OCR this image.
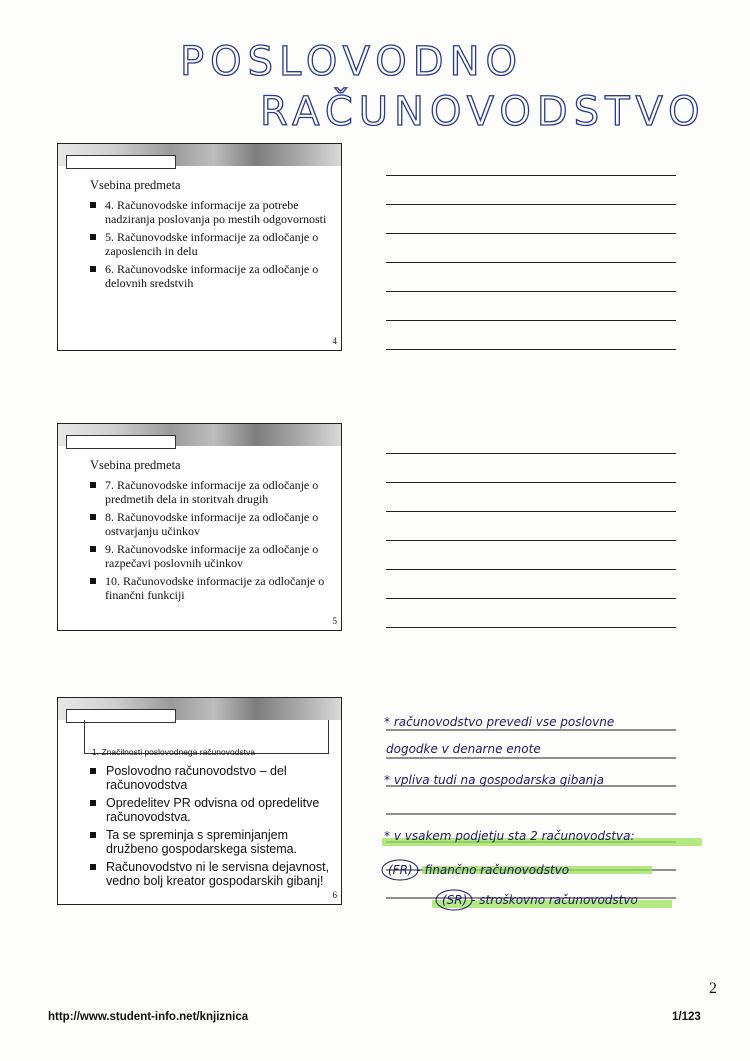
POSLOVODNO
RAČUNOVODSTVO
Vsebina predmeta
4. Računovodske informacije za potrebe nadziranja poslovanja po mestih odgovornosti
5. Računovodske informacije za odločanje o zaposlencih in delu
6. Računovodske informacije za odločanje o delovnih sredstvih
4
Vsebina predmeta
7. Računovodske informacije za odločanje o predmetih dela in storitvah drugih
8. Računovodske informacije za odločanje o ostvarjanju učinkov
9. Računovodske informacije za odločanje o razpečavi poslovnih učinkov
10. Računovodske informacije za odločanje o finančni funkciji
5
1. Značilnosti poslovodnega računovodstva
Poslovodno računovodstvo – del računovodstva
Opredelitev PR odvisna od opredelitve računovodstva.
Ta se spreminja s spreminjanjem družbeno gospodarskega sistema.
Računovodstvo ni le servisna dejavnost, vedno bolj kreator gospodarskih gibanj!
6
* računovodstvo prevedi vse poslovne
dogodke v denarne enote
* vpliva tudi na gospodarska gibanja
* v vsakem podjetju sta 2 računovodstva:
(FR) - finančno računovodstvo
(SR) - stroškovno računovodstvo
2
http://www.student-info.net/knjiznica	1/123
